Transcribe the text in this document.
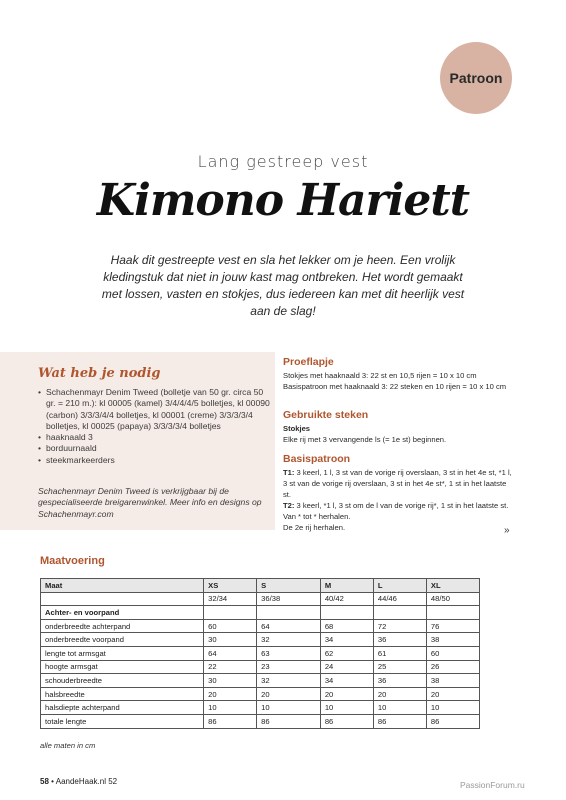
Patroon
Lang gestreep vest
Kimono Hariett
Haak dit gestreepte vest en sla het lekker om je heen. Een vrolijk kledingstuk dat niet in jouw kast mag ontbreken. Het wordt gemaakt met lossen, vasten en stokjes, dus iedereen kan met dit heerlijk vest aan de slag!
Wat heb je nodig
• Schachenmayr Denim Tweed (bolletje van 50 gr. circa 50 gr. = 210 m.): kl 00005 (kamel) 3/4/4/4/5 bolletjes, kl 00090 (carbon) 3/3/3/4/4 bolletjes, kl 00001 (creme) 3/3/3/3/4 bolletjes, kl 00025 (papaya) 3/3/3/3/4 bolletjes
• haaknaald 3
• borduurnaald
• steekmarkeerders
Schachenmayr Denim Tweed is verkrijgbaar bij de gespecialiseerde breigarenwinkel. Meer info en designs op Schachenmayr.com
Proeflapje
Stokjes met haaknaald 3: 22 st en 10,5 rijen = 10 x 10 cm
Basispatroon met haaknaald 3: 22 steken en 10 rijen = 10 x 10 cm
Gebruikte steken
Stokjes
Elke rij met 3 vervangende ls (= 1e st) beginnen.
Basispatroon
T1: 3 keerl, 1 l, 3 st van de vorige rij overslaan, 3 st in het 4e st, *1 l, 3 st van de vorige rij overslaan, 3 st in het 4e st*, 1 st in het laatste st.
T2: 3 keerl, *1 l, 3 st om de l van de vorige rij*, 1 st in het laatste st. Van * tot * herhalen.
De 2e rij herhalen.	»
Maatvoering
Maat	XS	S	M	L	XL
	32/34	36/38	40/42	44/46	48/50
Achter- en voorpand					
onderbreedte achterpand	60	64	68	72	76
onderbreedte voorpand	30	32	34	36	38
lengte tot armsgat	64	63	62	61	60
hoogte armsgat	22	23	24	25	26
schouderbreedte	30	32	34	36	38
halsbreedte	20	20	20	20	20
halsdiepte achterpand	10	10	10	10	10
totale lengte	86	86	86	86	86
alle maten in cm
58 • AandeHaak.nl 52	PassionForum.ru
